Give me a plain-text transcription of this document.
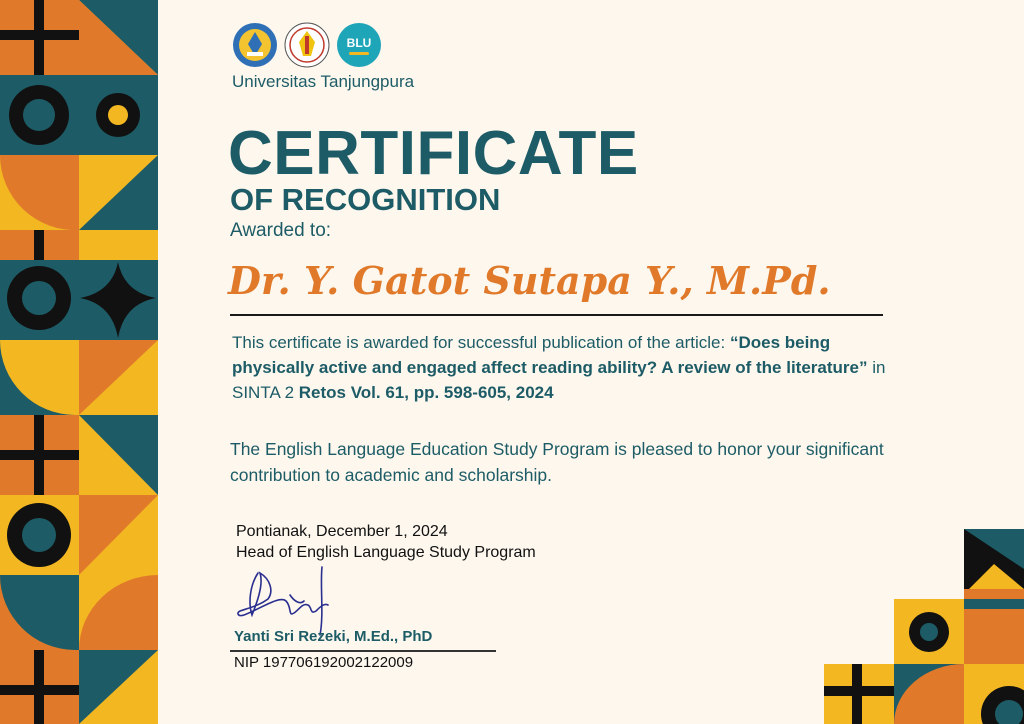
BLU
Universitas Tanjungpura
CERTIFICATE
OF RECOGNITION
Awarded to:
Dr. Y. Gatot Sutapa Y., M.Pd.
This certificate is awarded for successful publication of the article: “Does being physically active and engaged affect reading ability? A review of the literature” in SINTA 2 Retos Vol. 61, pp. 598-605, 2024
The English Language Education Study Program is pleased to honor your significant contribution to academic and scholarship.
Pontianak, December 1, 2024
Head of English Language Study Program
Yanti Sri Rezeki, M.Ed., PhD
NIP 197706192002122009
